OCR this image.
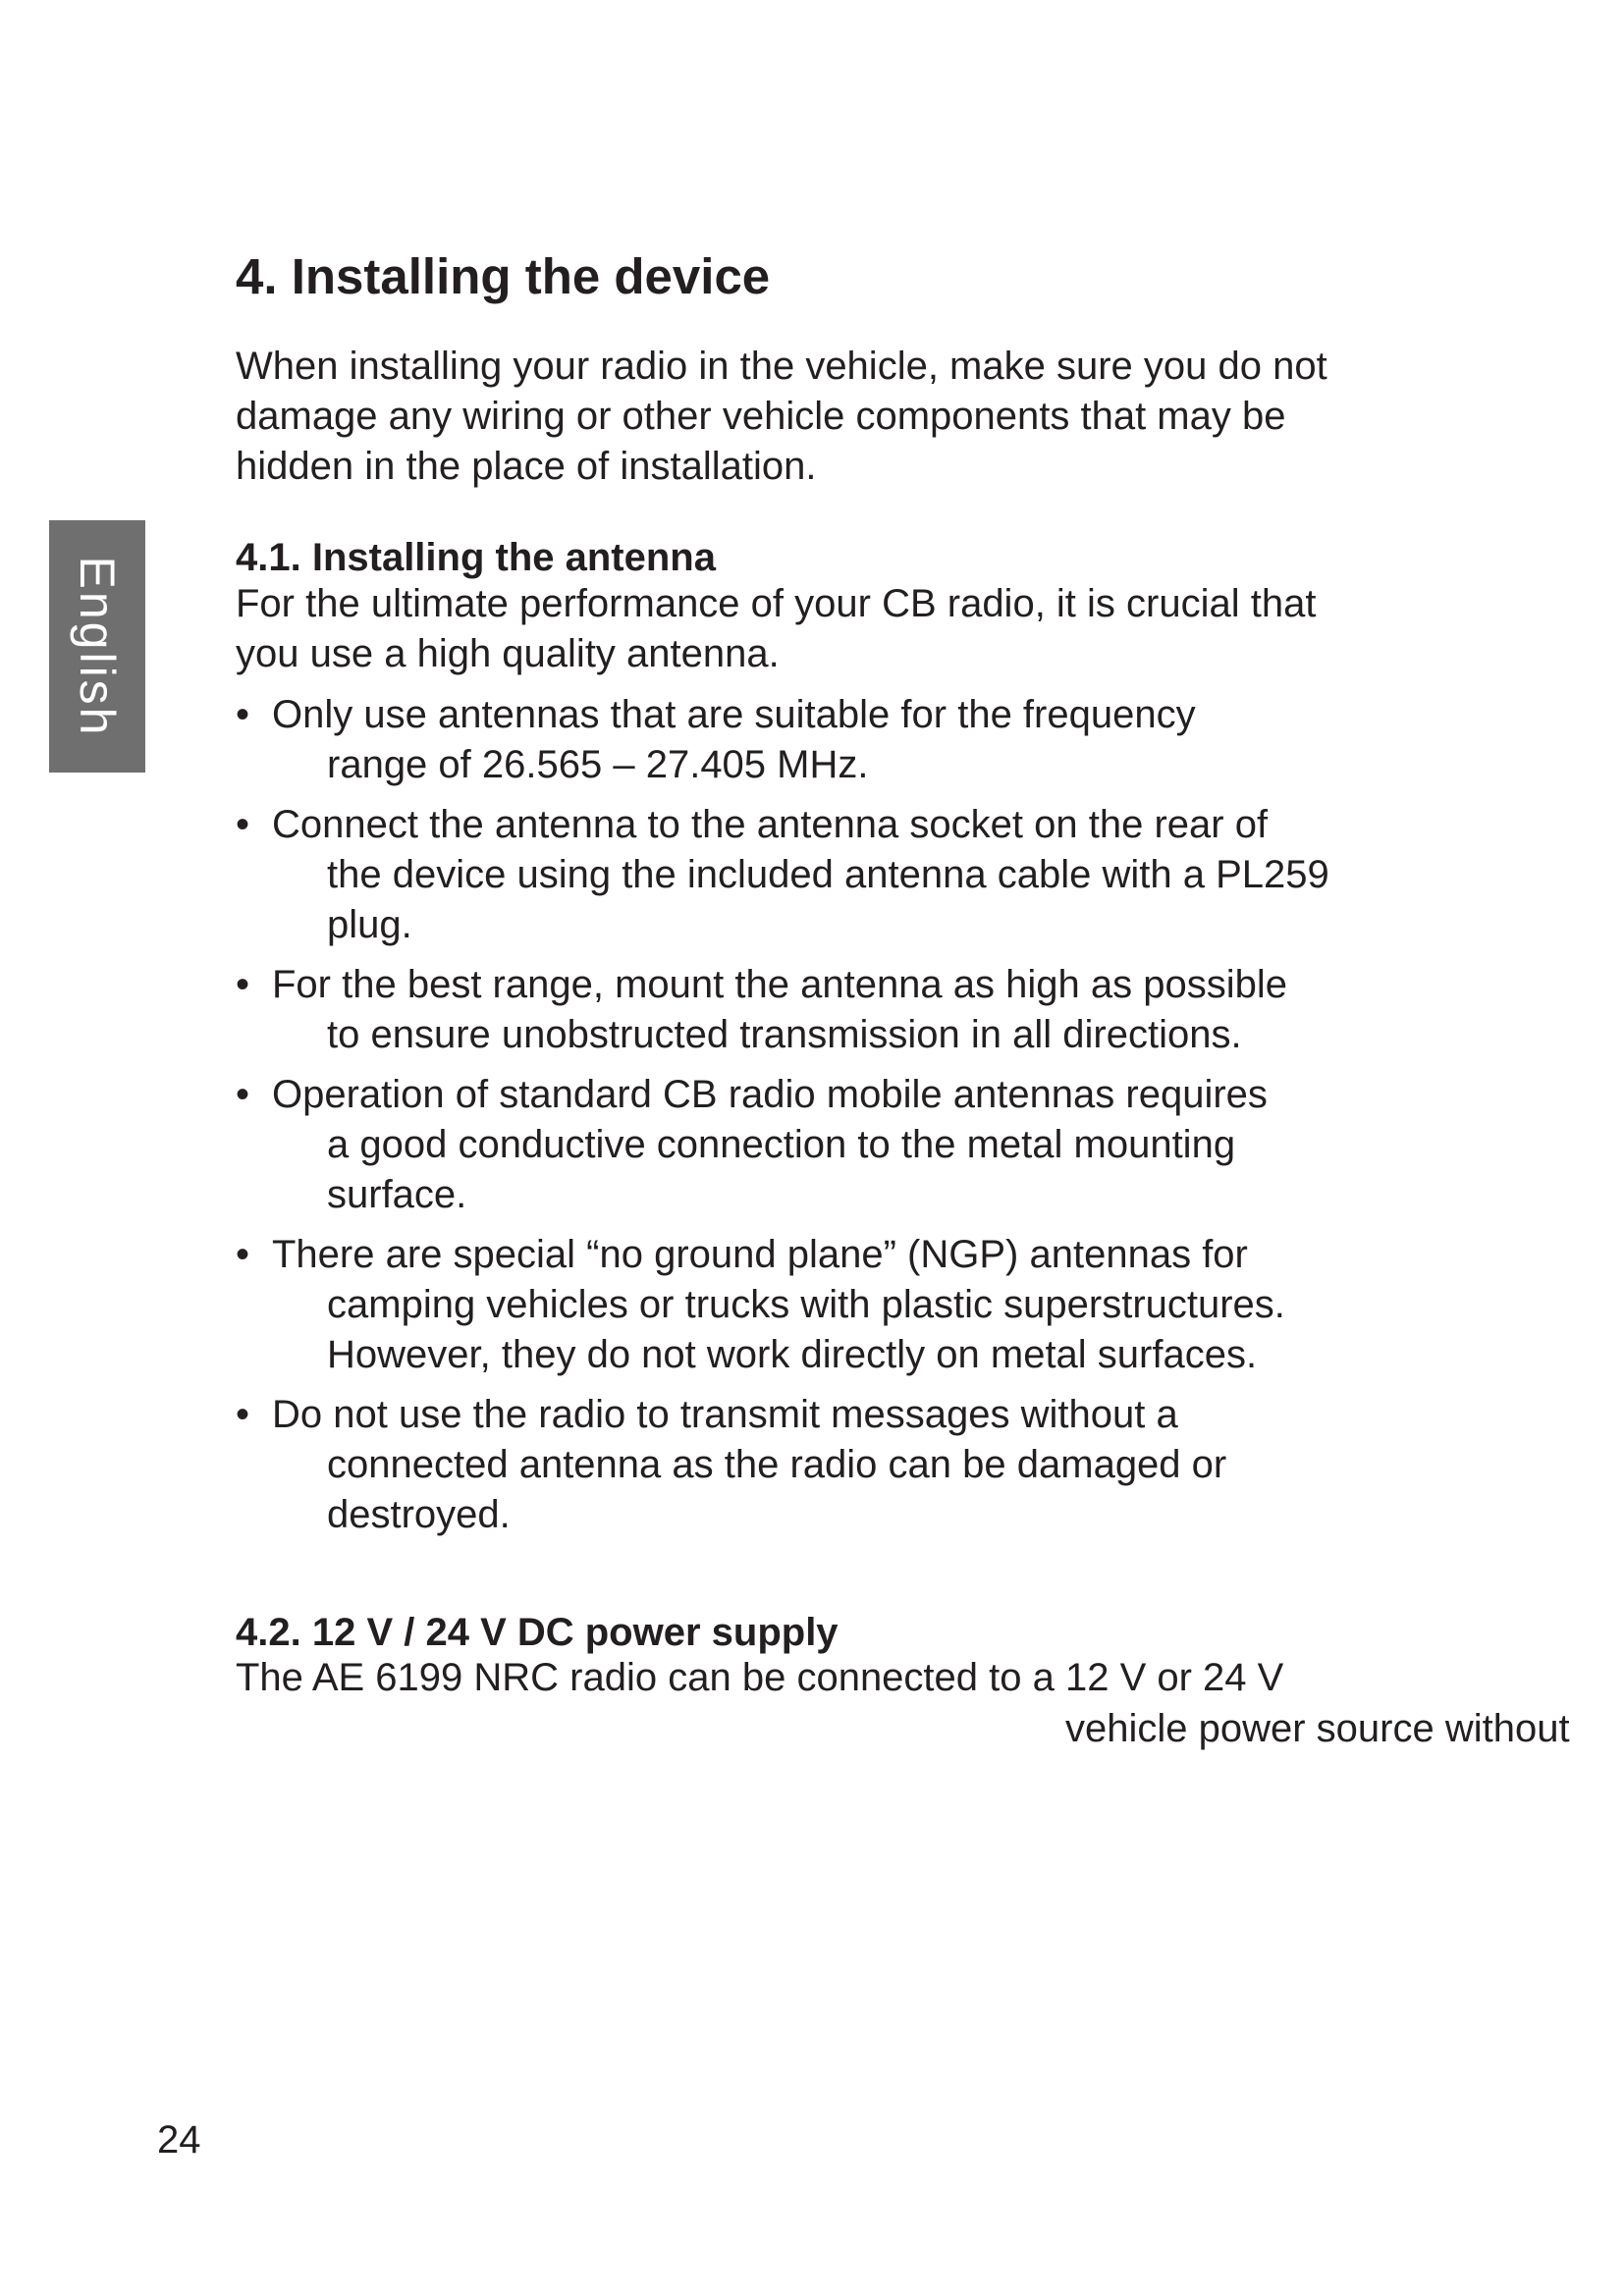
English
4. Installing the device
When installing your radio in the vehicle, make sure you do not
damage any wiring or other vehicle components that may be
hidden in the place of installation.
4.1. Installing the antenna
For the ultimate performance of your CB radio, it is crucial that
you use a high quality antenna.
• Only use antennas that are suitable for the frequency
range of 26.565 – 27.405 MHz.
• Connect the antenna to the antenna socket on the rear of
the device using the included antenna cable with a PL259
plug.
• For the best range, mount the antenna as high as possible
to ensure unobstructed transmission in all directions.
• Operation of standard CB radio mobile antennas requires
a good conductive connection to the metal mounting
surface.
• There are special “no ground plane” (NGP) antennas for
camping vehicles or trucks with plastic superstructures.
However, they do not work directly on metal surfaces.
• Do not use the radio to transmit messages without a
connected antenna as the radio can be damaged or
destroyed.
4.2. 12 V / 24 V DC power supply
The AE 6199 NRC radio can be connected to a 12 V or 24 V
vehicle power source without
24
